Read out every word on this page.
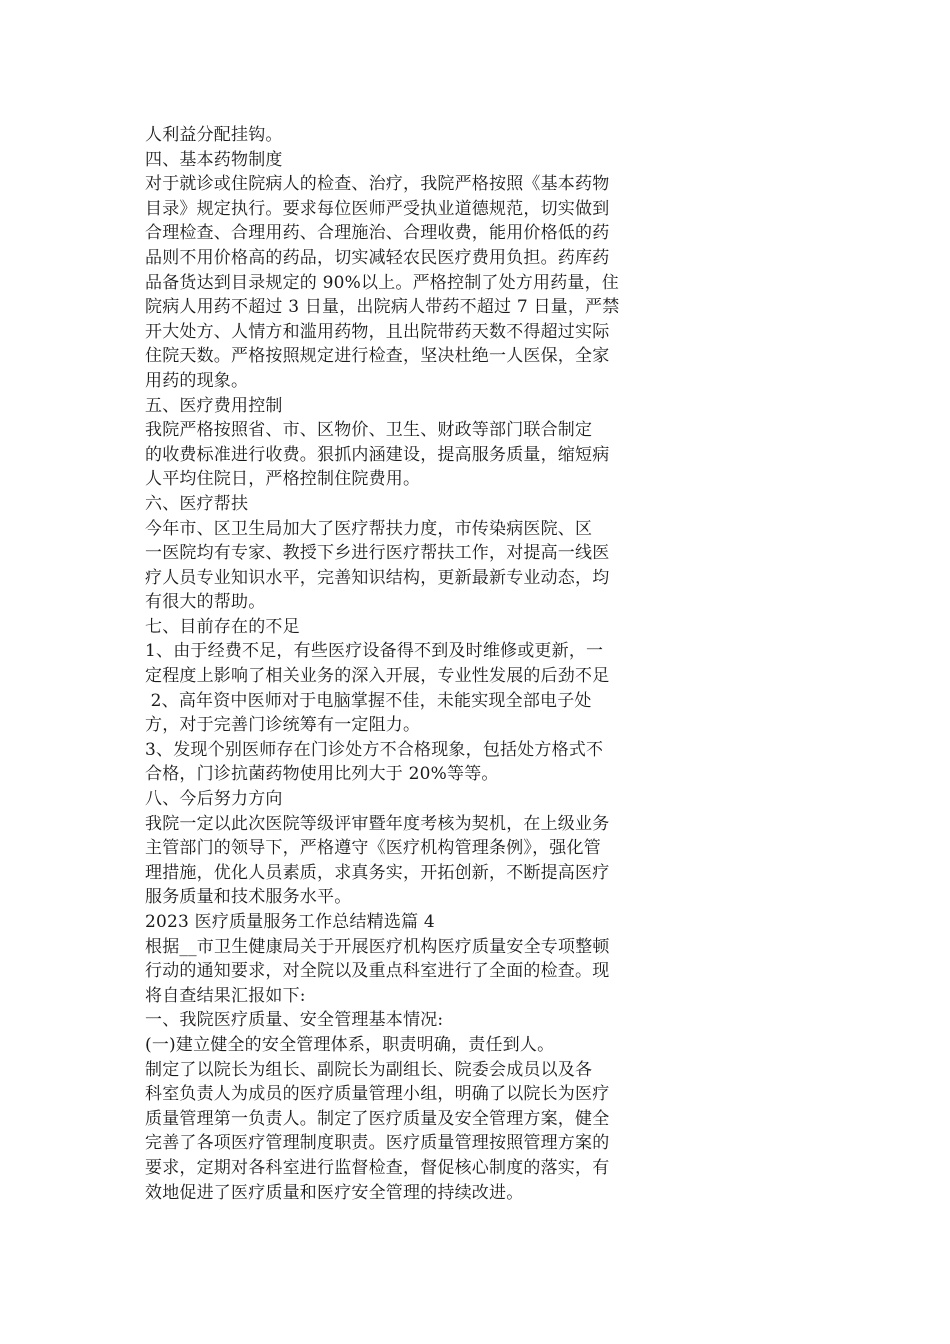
人利益分配挂钩。
四、基本药物制度
对于就诊或住院病人的检查、治疗，我院严格按照《基本药物
目录》规定执行。要求每位医师严受执业道德规范，切实做到
合理检查、合理用药、合理施治、合理收费，能用价格低的药
品则不用价格高的药品，切实减轻农民医疗费用负担。药库药
品备货达到目录规定的 90%以上。严格控制了处方用药量，住
院病人用药不超过 3 日量，出院病人带药不超过 7 日量，严禁
开大处方、人情方和滥用药物，且出院带药天数不得超过实际
住院天数。严格按照规定进行检查，坚决杜绝一人医保，全家
用药的现象。
五、医疗费用控制
我院严格按照省、市、区物价、卫生、财政等部门联合制定
的收费标准进行收费。狠抓内涵建设，提高服务质量，缩短病
人平均住院日，严格控制住院费用。
六、医疗帮扶
今年市、区卫生局加大了医疗帮扶力度，市传染病医院、区
一医院均有专家、教授下乡进行医疗帮扶工作，对提高一线医
疗人员专业知识水平，完善知识结构，更新最新专业动态，均
有很大的帮助。
七、目前存在的不足
1、由于经费不足，有些医疗设备得不到及时维修或更新，一
定程度上影响了相关业务的深入开展，专业性发展的后劲不足
2、高年资中医师对于电脑掌握不佳，未能实现全部电子处
方，对于完善门诊统筹有一定阻力。
3、发现个别医师存在门诊处方不合格现象，包括处方格式不
合格，门诊抗菌药物使用比列大于 20%等等。
八、今后努力方向
我院一定以此次医院等级评审暨年度考核为契机，在上级业务
主管部门的领导下，严格遵守《医疗机构管理条例》，强化管
理措施，优化人员素质，求真务实，开拓创新，不断提高医疗
服务质量和技术服务水平。
2023 医疗质量服务工作总结精选篇 4
根据__市卫生健康局关于开展医疗机构医疗质量安全专项整顿
行动的通知要求，对全院以及重点科室进行了全面的检查。现
将自查结果汇报如下:
一、我院医疗质量、安全管理基本情况:
(一)建立健全的安全管理体系，职责明确，责任到人。
制定了以院长为组长、副院长为副组长、院委会成员以及各
科室负责人为成员的医疗质量管理小组，明确了以院长为医疗
质量管理第一负责人。制定了医疗质量及安全管理方案，健全
完善了各项医疗管理制度职责。医疗质量管理按照管理方案的
要求，定期对各科室进行监督检查，督促核心制度的落实，有
效地促进了医疗质量和医疗安全管理的持续改进。
